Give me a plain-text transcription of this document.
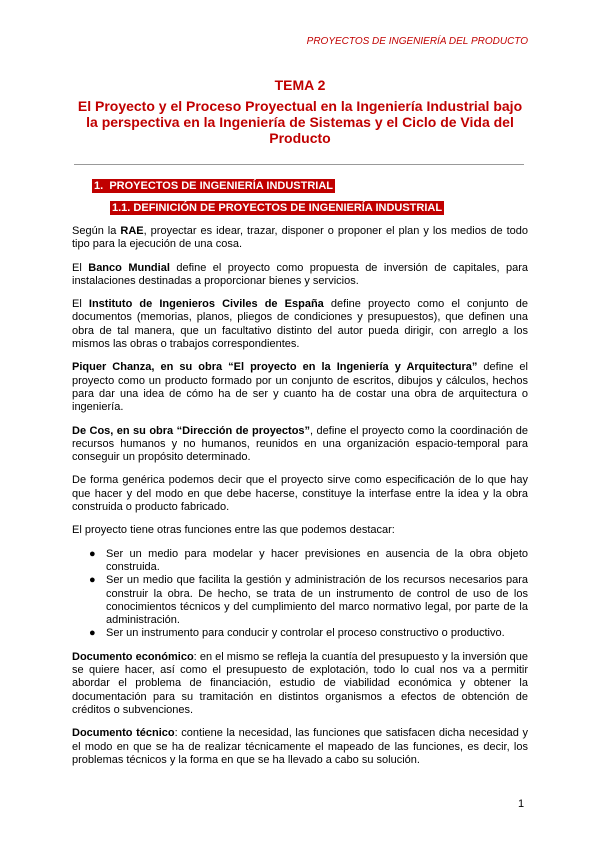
PROYECTOS DE INGENIERÍA DEL PRODUCTO
TEMA 2
El Proyecto y el Proceso Proyectual en la Ingeniería Industrial bajo la perspectiva en la Ingeniería de Sistemas y el Ciclo de Vida del Producto
1. PROYECTOS DE INGENIERÍA INDUSTRIAL
1.1. DEFINICIÓN DE PROYECTOS DE INGENIERÍA INDUSTRIAL

Según la RAE, proyectar es idear, trazar, disponer o proponer el plan y los medios de todo tipo para la ejecución de una cosa.

El Banco Mundial define el proyecto como propuesta de inversión de capitales, para instalaciones destinadas a proporcionar bienes y servicios.

El Instituto de Ingenieros Civiles de España define proyecto como el conjunto de documentos (memorias, planos, pliegos de condiciones y presupuestos), que definen una obra de tal manera, que un facultativo distinto del autor pueda dirigir, con arreglo a los mismos las obras o trabajos correspondientes.

Piquer Chanza, en su obra “El proyecto en la Ingeniería y Arquitectura” define el proyecto como un producto formado por un conjunto de escritos, dibujos y cálculos, hechos para dar una idea de cómo ha de ser y cuanto ha de costar una obra de arquitectura o ingeniería.

De Cos, en su obra “Dirección de proyectos”, define el proyecto como la coordinación de recursos humanos y no humanos, reunidos en una organización espacio-temporal para conseguir un propósito determinado.

De forma genérica podemos decir que el proyecto sirve como especificación de lo que hay que hacer y del modo en que debe hacerse, constituye la interfase entre la idea y la obra construida o producto fabricado.

El proyecto tiene otras funciones entre las que podemos destacar:

● Ser un medio para modelar y hacer previsiones en ausencia de la obra objeto construida.
● Ser un medio que facilita la gestión y administración de los recursos necesarios para construir la obra. De hecho, se trata de un instrumento de control de uso de los conocimientos técnicos y del cumplimiento del marco normativo legal, por parte de la administración.
● Ser un instrumento para conducir y controlar el proceso constructivo o productivo.

Documento económico: en el mismo se refleja la cuantía del presupuesto y la inversión que se quiere hacer, así como el presupuesto de explotación, todo lo cual nos va a permitir abordar el problema de financiación, estudio de viabilidad económica y obtener la documentación para su tramitación en distintos organismos a efectos de obtención de créditos o subvenciones.

Documento técnico: contiene la necesidad, las funciones que satisfacen dicha necesidad y el modo en que se ha de realizar técnicamente el mapeado de las funciones, es decir, los problemas técnicos y la forma en que se ha llevado a cabo su solución.

1
